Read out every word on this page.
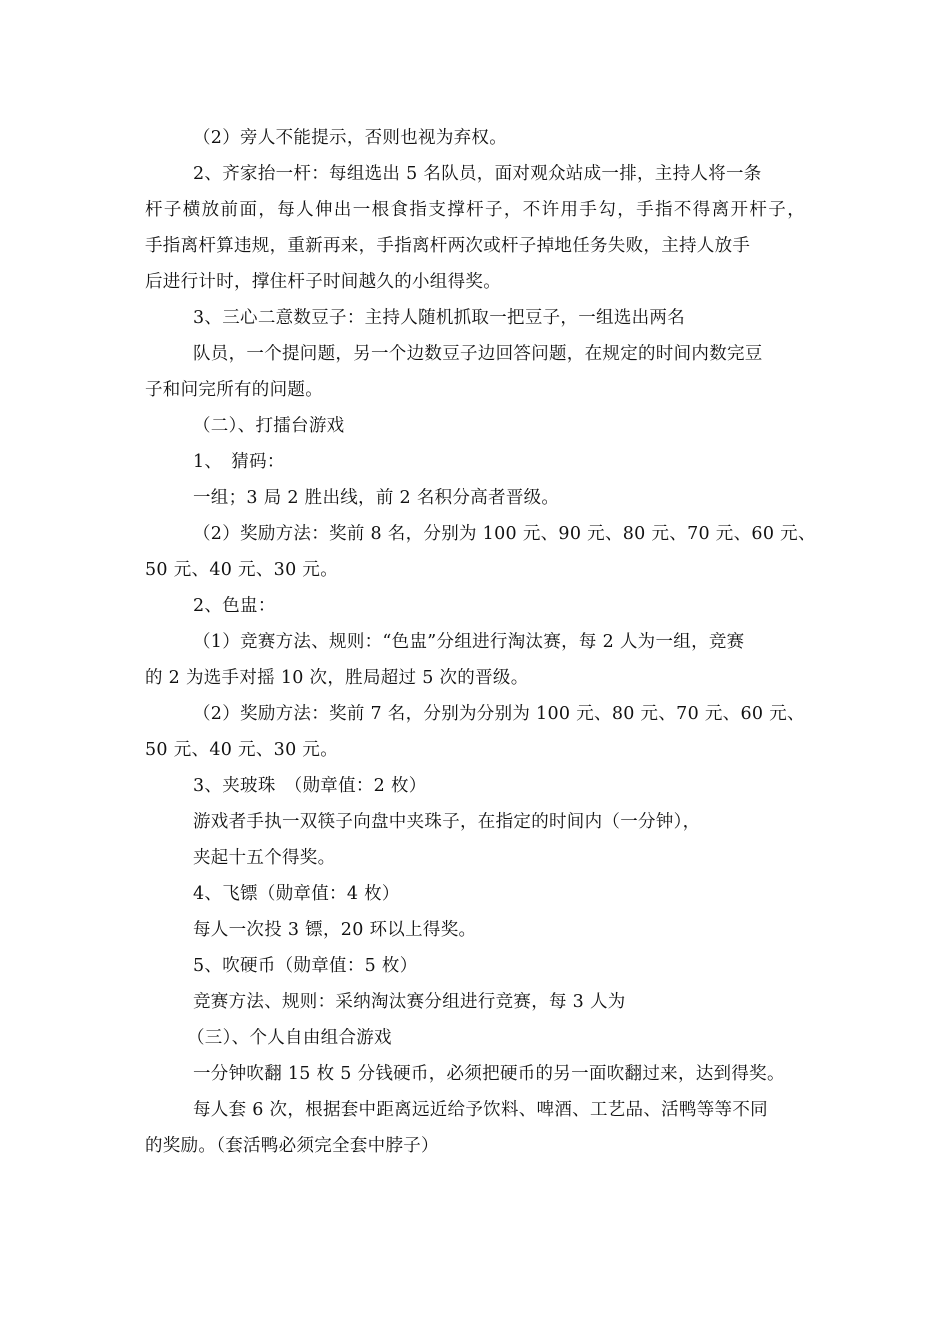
（2）旁人不能提示，否则也视为弃权。
2、齐家抬一杆：每组选出 5 名队员，面对观众站成一排，主持人将一条
杆子横放前面，每人伸出一根食指支撑杆子，不许用手勾，手指不得离开杆子，
手指离杆算违规，重新再来，手指离杆两次或杆子掉地任务失败，主持人放手
后进行计时，撑住杆子时间越久的小组得奖。
3、三心二意数豆子：主持人随机抓取一把豆子，一组选出两名
队员，一个提问题，另一个边数豆子边回答问题，在规定的时间内数完豆
子和问完所有的问题。
（二）、打擂台游戏
1、　猜码：
一组；3 局 2 胜出线，前 2 名积分高者晋级。
（2）奖励方法：奖前 8 名，分别为 100 元、90 元、80 元、70 元、60 元、
50 元、40 元、30 元。
2、色盅：
（1）竞赛方法、规则：“色盅”分组进行淘汰赛，每 2 人为一组，竞赛
的 2 为选手对摇 10 次，胜局超过 5 次的晋级。
（2）奖励方法：奖前 7 名，分别为分别为 100 元、80 元、70 元、60 元、
50 元、40 元、30 元。
3、夹玻珠　（勋章值：2 枚）
游戏者手执一双筷子向盘中夹珠子，在指定的时间内（一分钟），
夹起十五个得奖。
4、飞镖（勋章值：4 枚）
每人一次投 3 镖，20 环以上得奖。
5、吹硬币（勋章值：5 枚）
竞赛方法、规则：采纳淘汰赛分组进行竞赛，每 3 人为
（三）、个人自由组合游戏
一分钟吹翻 15 枚 5 分钱硬币，必须把硬币的另一面吹翻过来，达到得奖。
每人套 6 次，根据套中距离远近给予饮料、啤酒、工艺品、活鸭等等不同
的奖励。（套活鸭必须完全套中脖子）
